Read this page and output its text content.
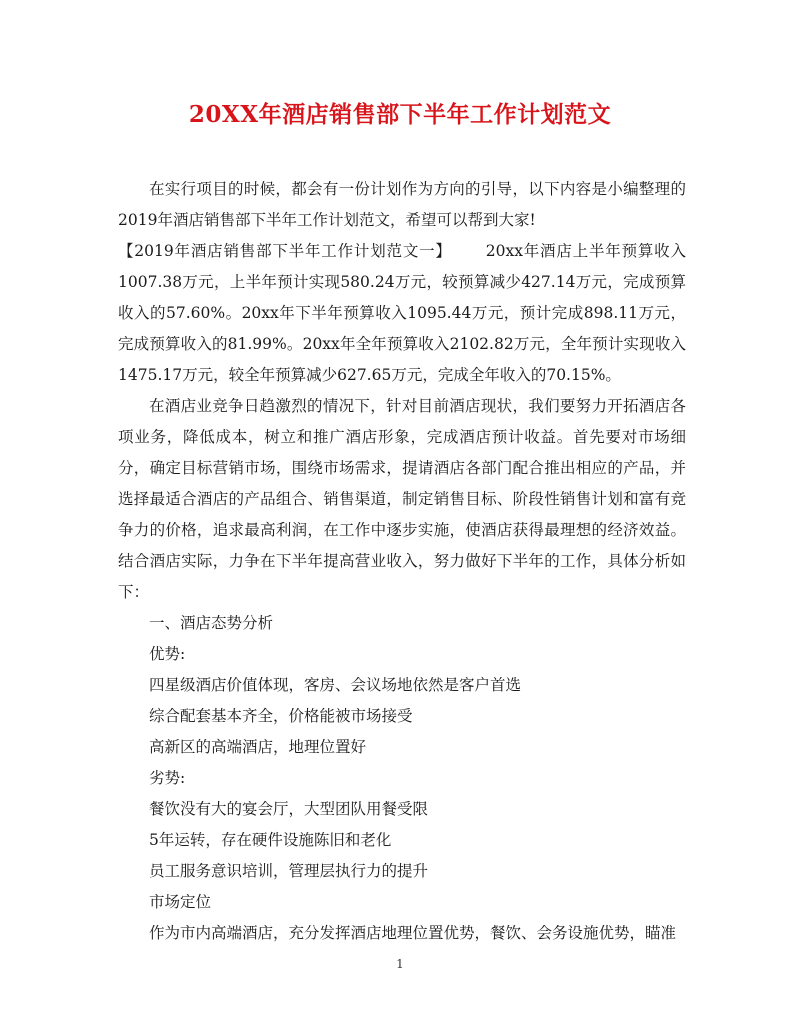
20XX年酒店销售部下半年工作计划范文

在实行项目的时候，都会有一份计划作为方向的引导，以下内容是小编整理的2019年酒店销售部下半年工作计划范文，希望可以帮到大家!

【2019年酒店销售部下半年工作计划范文一】 20xx年酒店上半年预算收入1007.38万元，上半年预计实现580.24万元，较预算减少427.14万元，完成预算收入的57.60%。20xx年下半年预算收入1095.44万元，预计完成898.11万元，完成预算收入的81.99%。20xx年全年预算收入2102.82万元，全年预计实现收入1475.17万元，较全年预算减少627.65万元，完成全年收入的70.15%。

在酒店业竞争日趋激烈的情况下，针对目前酒店现状，我们要努力开拓酒店各项业务，降低成本，树立和推广酒店形象，完成酒店预计收益。首先要对市场细分，确定目标营销市场，围绕市场需求，提请酒店各部门配合推出相应的产品，并选择最适合酒店的产品组合、销售渠道，制定销售目标、阶段性销售计划和富有竞争力的价格，追求最高利润，在工作中逐步实施，使酒店获得最理想的经济效益。结合酒店实际，力争在下半年提高营业收入，努力做好下半年的工作，具体分析如下：

一、酒店态势分析

优势:

四星级酒店价值体现，客房、会议场地依然是客户首选

综合配套基本齐全，价格能被市场接受

高新区的高端酒店，地理位置好

劣势:

餐饮没有大的宴会厅，大型团队用餐受限

5年运转，存在硬件设施陈旧和老化

员工服务意识培训，管理层执行力的提升

市场定位

作为市内高端酒店，充分发挥酒店地理位置优势，餐饮、会务设施优势，瞄准

1
